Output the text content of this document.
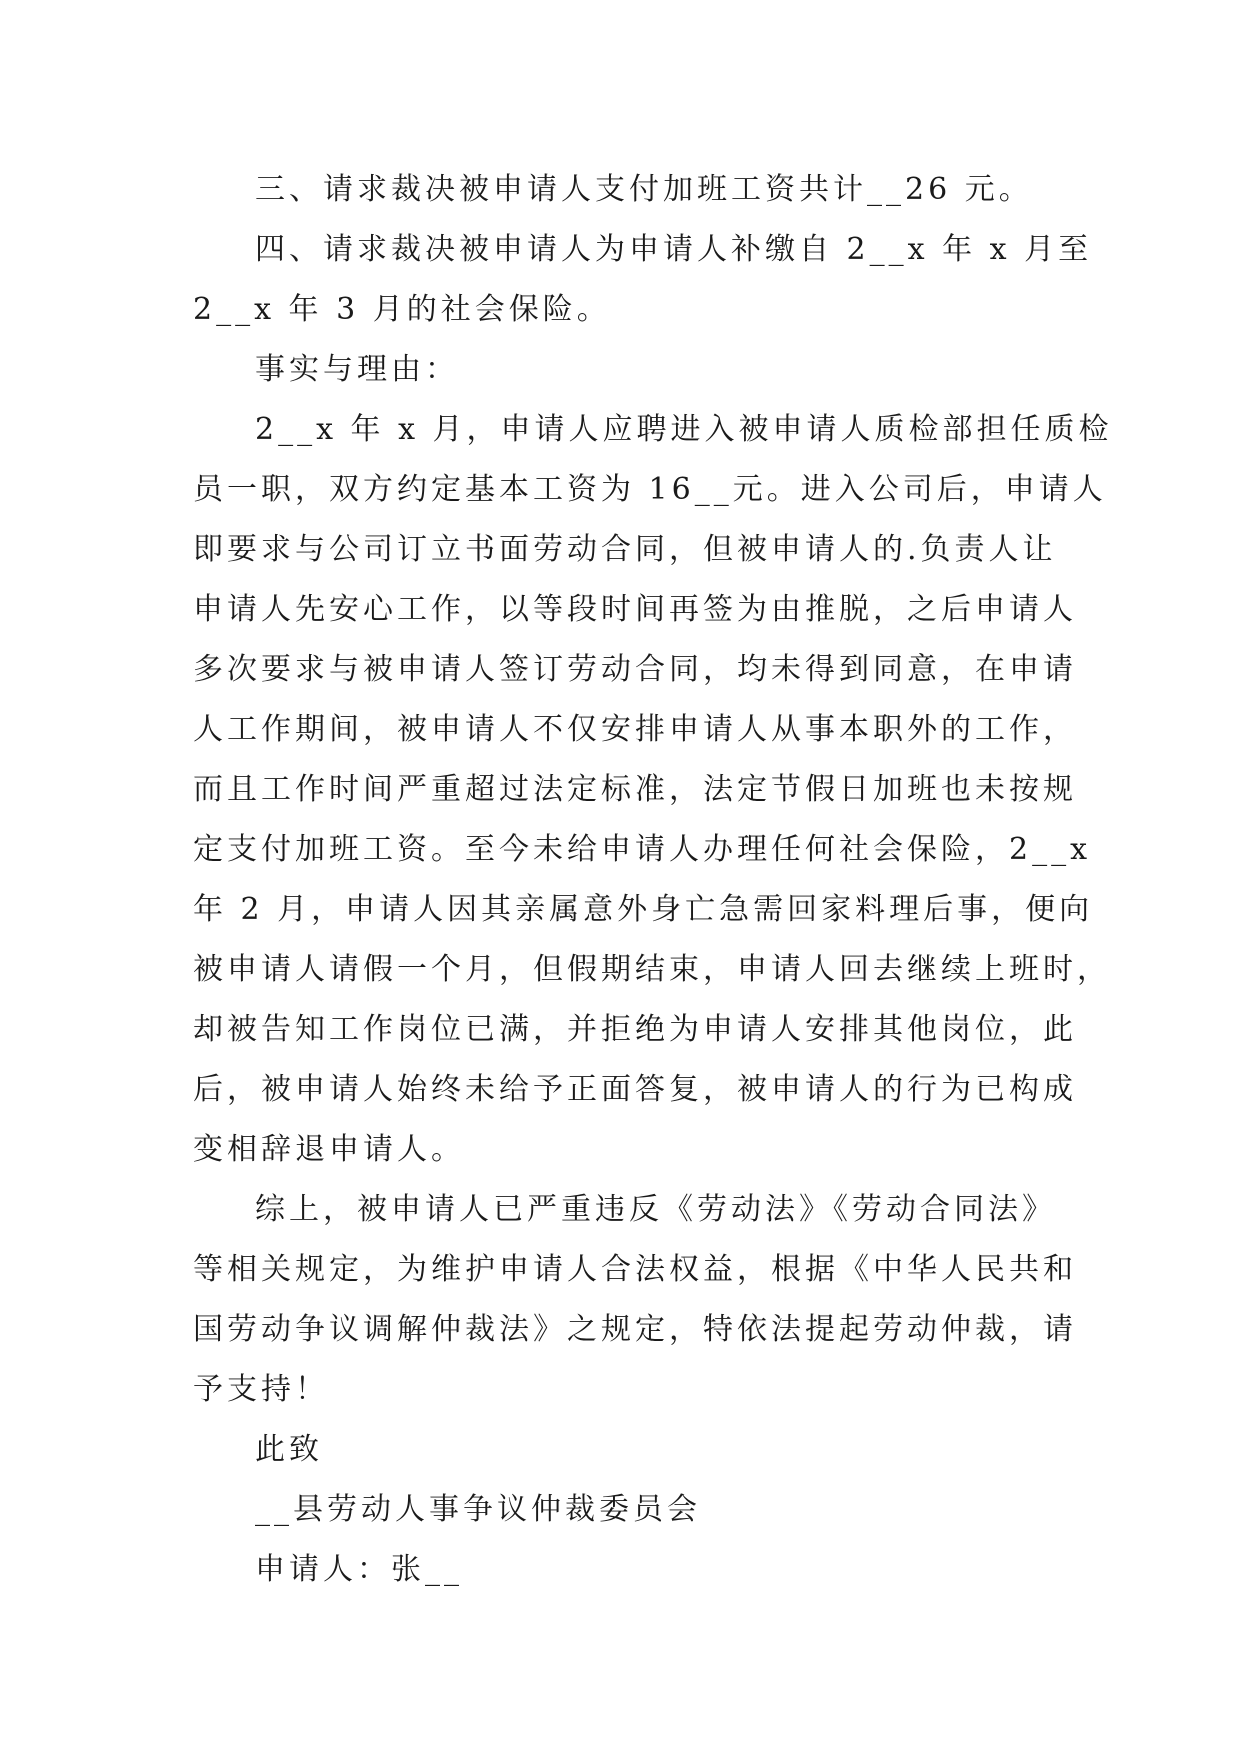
三、请求裁决被申请人支付加班工资共计__26 元。
四、请求裁决被申请人为申请人补缴自 2__x 年 x 月至
2__x 年 3 月的社会保险。
事实与理由：
2__x 年 x 月，申请人应聘进入被申请人质检部担任质检
员一职，双方约定基本工资为 16__元。进入公司后，申请人
即要求与公司订立书面劳动合同，但被申请人的.负责人让
申请人先安心工作，以等段时间再签为由推脱，之后申请人
多次要求与被申请人签订劳动合同，均未得到同意，在申请
人工作期间，被申请人不仅安排申请人从事本职外的工作，
而且工作时间严重超过法定标准，法定节假日加班也未按规
定支付加班工资。至今未给申请人办理任何社会保险，2__x
年 2 月，申请人因其亲属意外身亡急需回家料理后事，便向
被申请人请假一个月，但假期结束，申请人回去继续上班时，
却被告知工作岗位已满，并拒绝为申请人安排其他岗位，此
后，被申请人始终未给予正面答复，被申请人的行为已构成
变相辞退申请人。
综上，被申请人已严重违反《劳动法》《劳动合同法》
等相关规定，为维护申请人合法权益，根据《中华人民共和
国劳动争议调解仲裁法》之规定，特依法提起劳动仲裁，请
予支持！
此致
__县劳动人事争议仲裁委员会
申请人：张__
